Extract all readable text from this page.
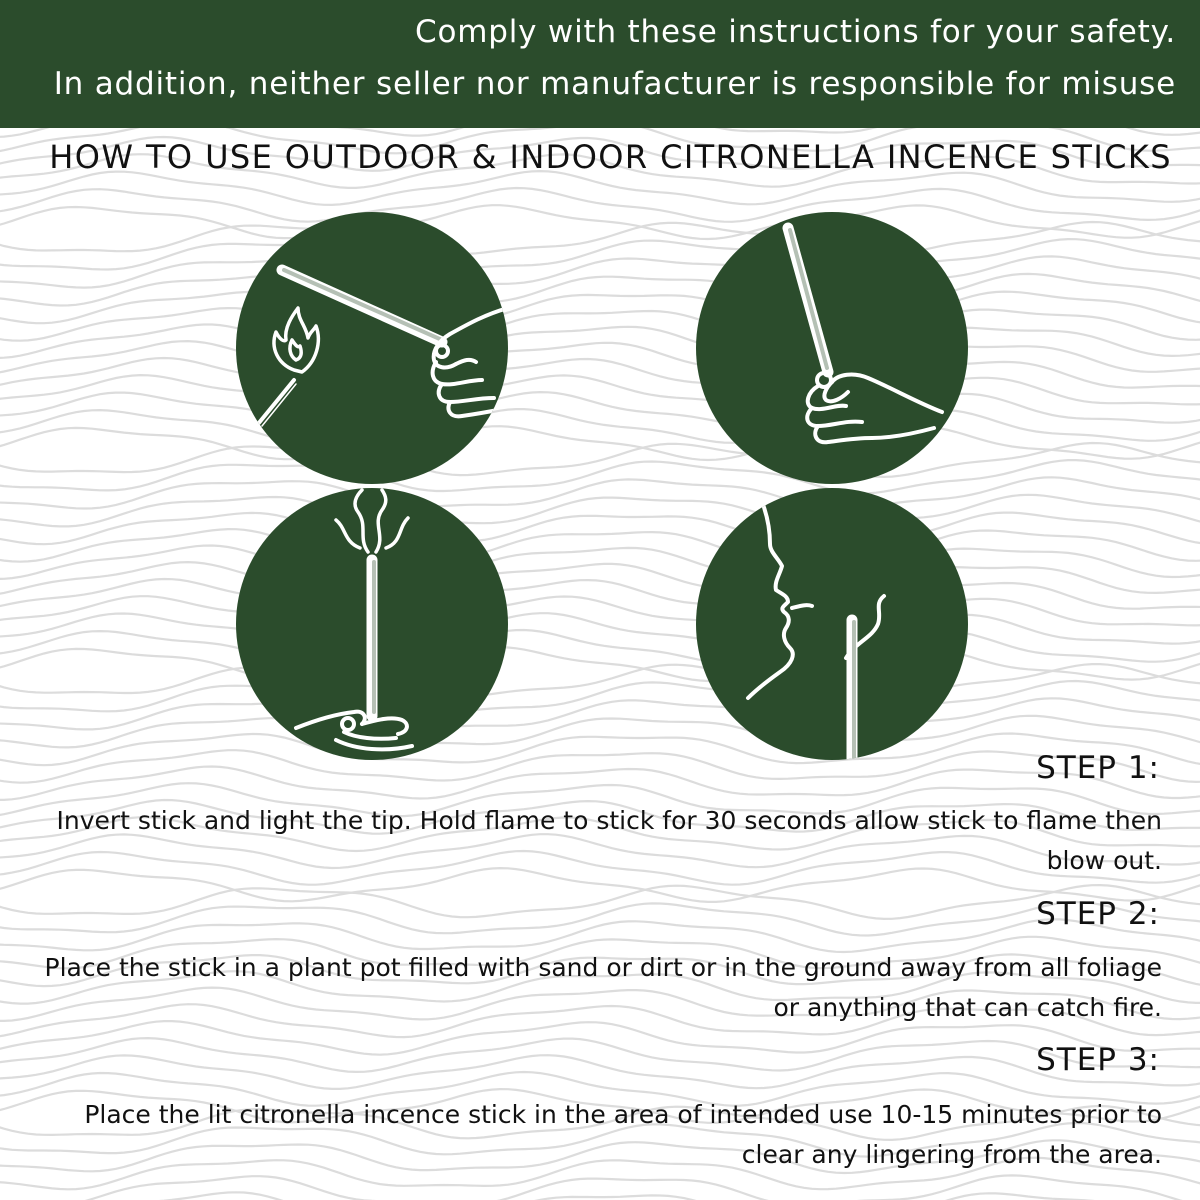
Comply with these instructions for your safety.
In addition, neither seller nor manufacturer is responsible for misuse
HOW TO USE OUTDOOR & INDOOR CITRONELLA INCENCE STICKS
STEP 1:
Invert stick and light the tip. Hold flame to stick for 30 seconds allow stick to flame then blow out.
STEP 2:
Place the stick in a plant pot filled with sand or dirt or in the ground away from all foliage or anything that can catch fire.
STEP 3:
Place the lit citronella incence stick in the area of intended use 10-15 minutes prior to clear any lingering from the area.
